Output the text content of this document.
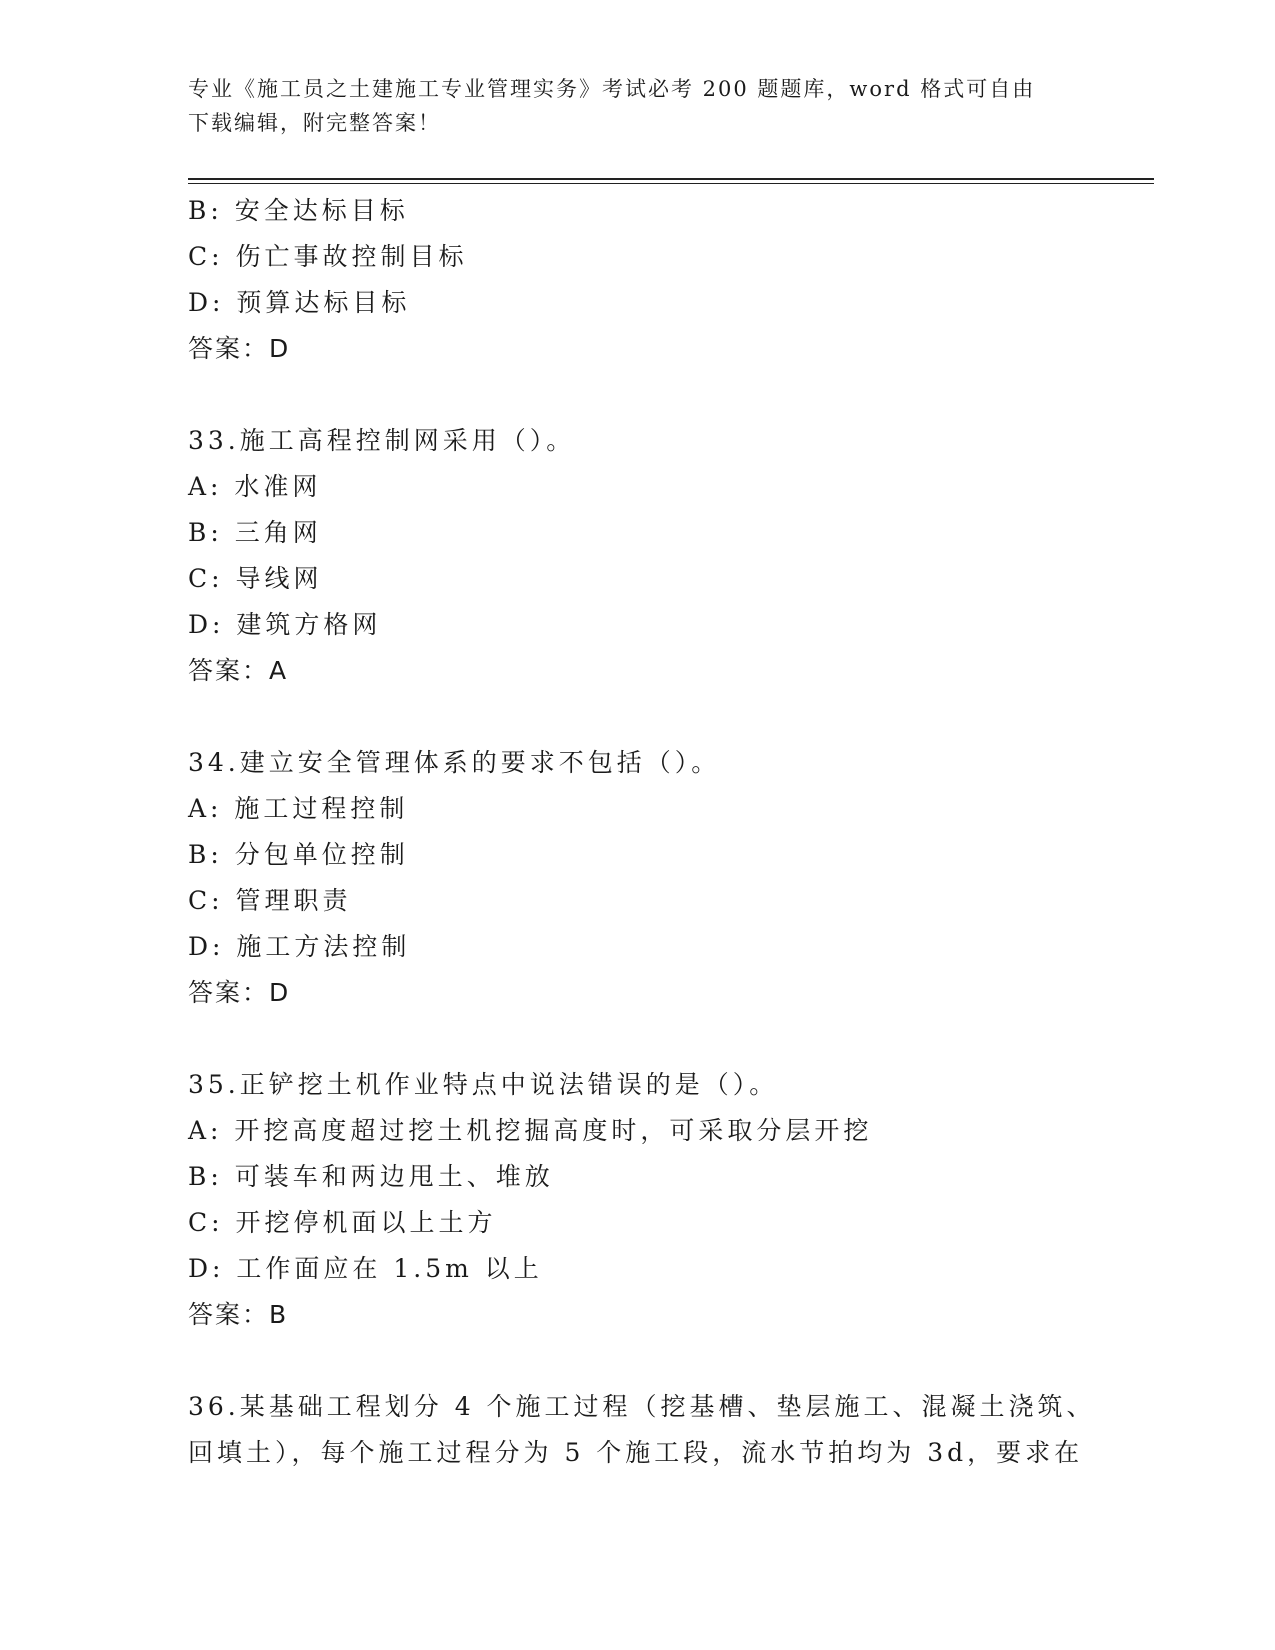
专业《施工员之土建施工专业管理实务》考试必考 200 题题库，word 格式可自由
下载编辑，附完整答案！
B: 安全达标目标
C: 伤亡事故控制目标
D: 预算达标目标
答案：D
33.施工高程控制网采用（）。
A: 水准网
B: 三角网
C: 导线网
D: 建筑方格网
答案：A
34.建立安全管理体系的要求不包括（）。
A: 施工过程控制
B: 分包单位控制
C: 管理职责
D: 施工方法控制
答案：D
35.正铲挖土机作业特点中说法错误的是（）。
A: 开挖高度超过挖土机挖掘高度时，可采取分层开挖
B: 可装车和两边甩土、堆放
C: 开挖停机面以上土方
D: 工作面应在 1.5m 以上
答案：B
36.某基础工程划分 4 个施工过程（挖基槽、垫层施工、混凝土浇筑、
回填土），每个施工过程分为 5 个施工段，流水节拍均为 3d，要求在
